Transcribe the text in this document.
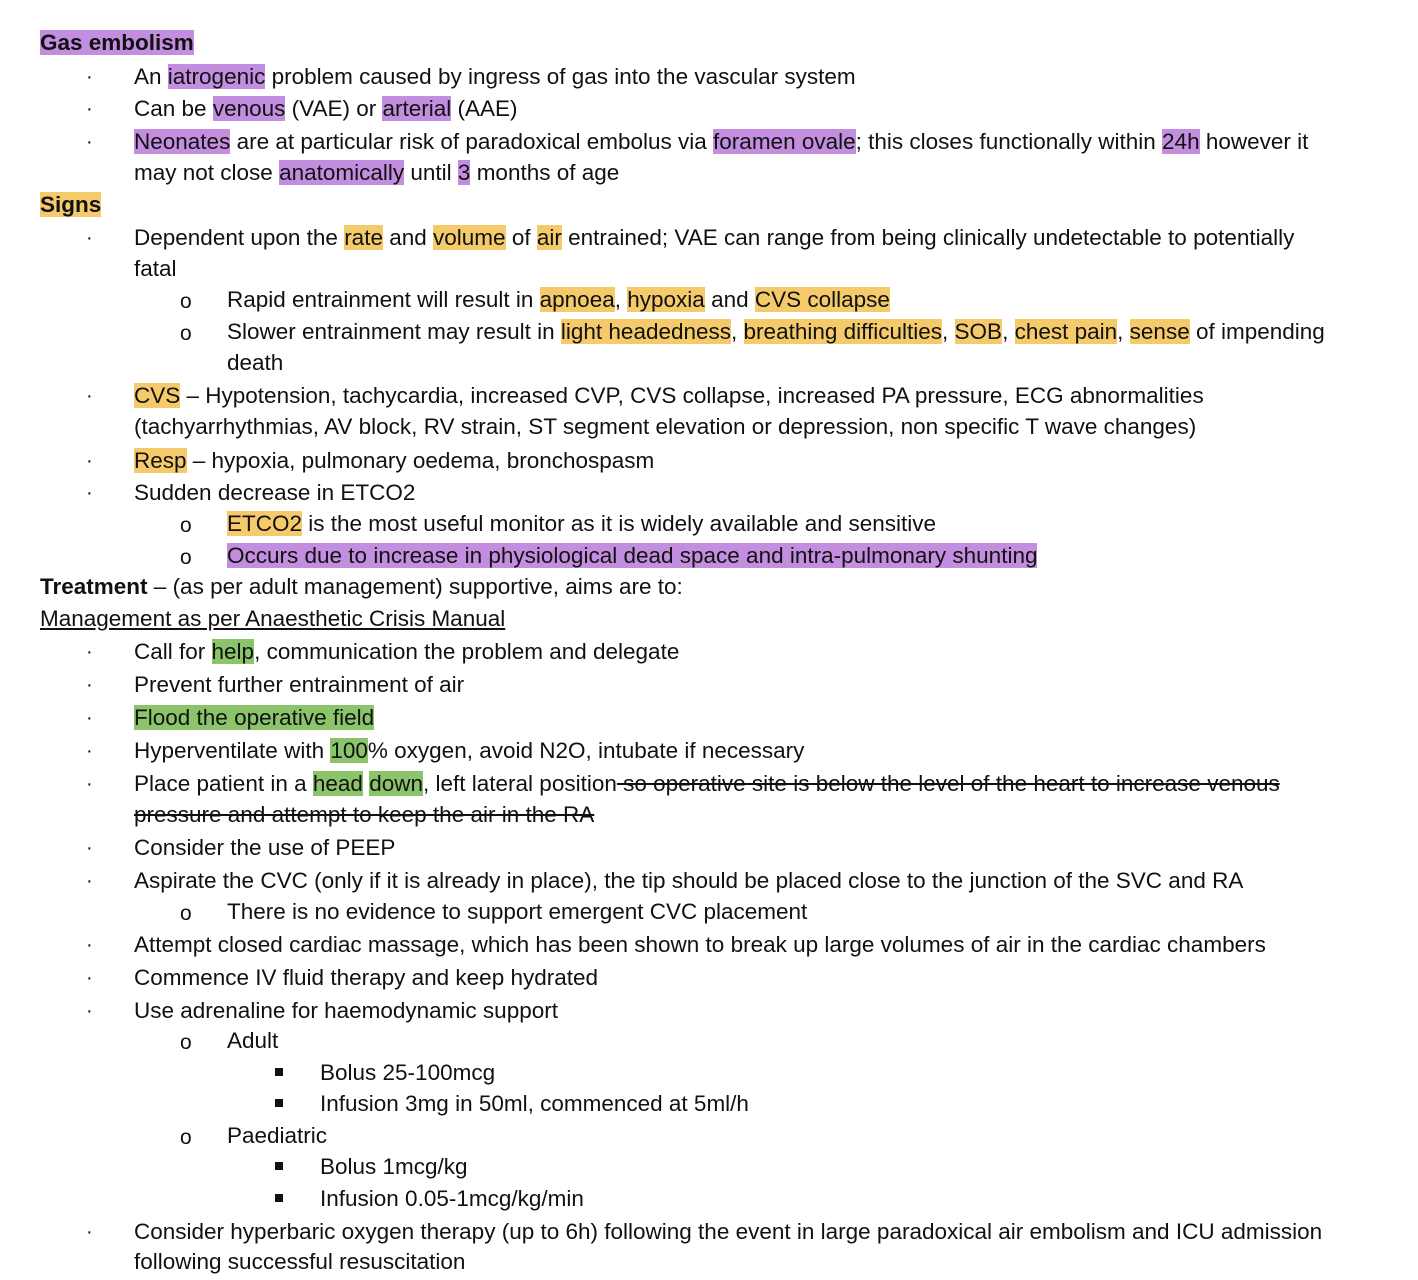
Gas embolism
· An iatrogenic problem caused by ingress of gas into the vascular system
· Can be venous (VAE) or arterial (AAE)
· Neonates are at particular risk of paradoxical embolus via foramen ovale; this closes functionally within 24h however it
may not close anatomically until 3 months of age
Signs
· Dependent upon the rate and volume of air entrained; VAE can range from being clinically undetectable to potentially
fatal
o Rapid entrainment will result in apnoea, hypoxia and CVS collapse
o Slower entrainment may result in light headedness, breathing difficulties, SOB, chest pain, sense of impending
death
· CVS – Hypotension, tachycardia, increased CVP, CVS collapse, increased PA pressure, ECG abnormalities
(tachyarrhythmias, AV block, RV strain, ST segment elevation or depression, non specific T wave changes)
· Resp – hypoxia, pulmonary oedema, bronchospasm
· Sudden decrease in ETCO2
o ETCO2 is the most useful monitor as it is widely available and sensitive
o Occurs due to increase in physiological dead space and intra-pulmonary shunting
Treatment – (as per adult management) supportive, aims are to:
Management as per Anaesthetic Crisis Manual
· Call for help, communication the problem and delegate
· Prevent further entrainment of air
· Flood the operative field
· Hyperventilate with 100% oxygen, avoid N2O, intubate if necessary
· Place patient in a head down, left lateral position so operative site is below the level of the heart to increase venous
pressure and attempt to keep the air in the RA
· Consider the use of PEEP
· Aspirate the CVC (only if it is already in place), the tip should be placed close to the junction of the SVC and RA
o There is no evidence to support emergent CVC placement
· Attempt closed cardiac massage, which has been shown to break up large volumes of air in the cardiac chambers
· Commence IV fluid therapy and keep hydrated
· Use adrenaline for haemodynamic support
o Adult
Bolus 25-100mcg
Infusion 3mg in 50ml, commenced at 5ml/h
o Paediatric
Bolus 1mcg/kg
Infusion 0.05-1mcg/kg/min
· Consider hyperbaric oxygen therapy (up to 6h) following the event in large paradoxical air embolism and ICU admission
following successful resuscitation
